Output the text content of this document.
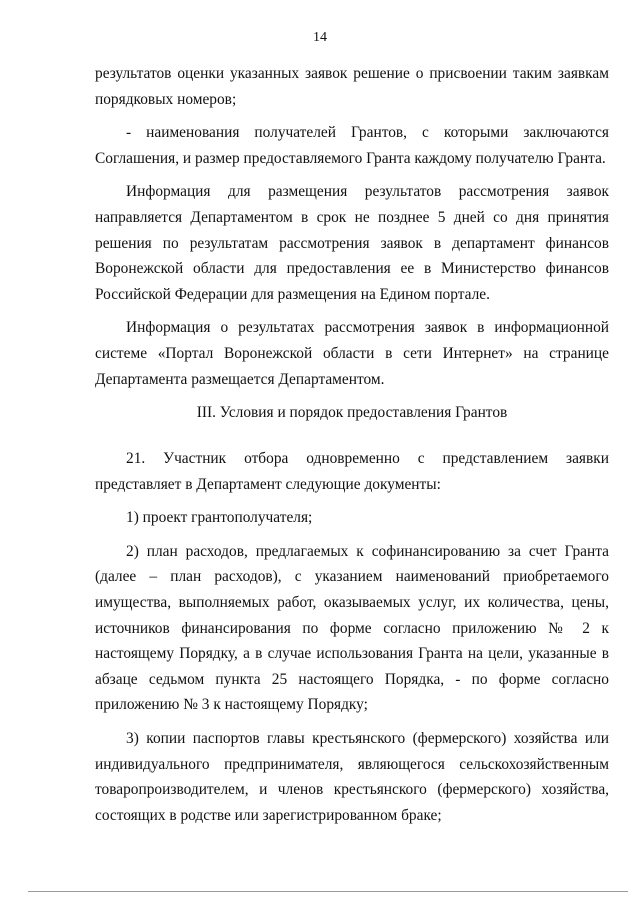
14

результатов оценки указанных заявок решение о присвоении таким заявкам порядковых номеров;

- наименования получателей Грантов, с которыми заключаются Соглашения, и размер предоставляемого Гранта каждому получателю Гранта.

Информация для размещения результатов рассмотрения заявок направляется Департаментом в срок не позднее 5 дней со дня принятия решения по результатам рассмотрения заявок в департамент финансов Воронежской области для предоставления ее в Министерство финансов Российской Федерации для размещения на Едином портале.

Информация о результатах рассмотрения заявок в информационной системе «Портал Воронежской области в сети Интернет» на странице Департамента размещается Департаментом.

III. Условия и порядок предоставления Грантов

21. Участник отбора одновременно с представлением заявки представляет в Департамент следующие документы:

1) проект грантополучателя;

2) план расходов, предлагаемых к софинансированию за счет Гранта (далее – план расходов), с указанием наименований приобретаемого имущества, выполняемых работ, оказываемых услуг, их количества, цены, источников финансирования по форме согласно приложению № 2 к настоящему Порядку, а в случае использования Гранта на цели, указанные в абзаце седьмом пункта 25 настоящего Порядка, - по форме согласно приложению № 3 к настоящему Порядку;

3) копии паспортов главы крестьянского (фермерского) хозяйства или индивидуального предпринимателя, являющегося сельскохозяйственным товаропроизводителем, и членов крестьянского (фермерского) хозяйства, состоящих в родстве или зарегистрированном браке;
